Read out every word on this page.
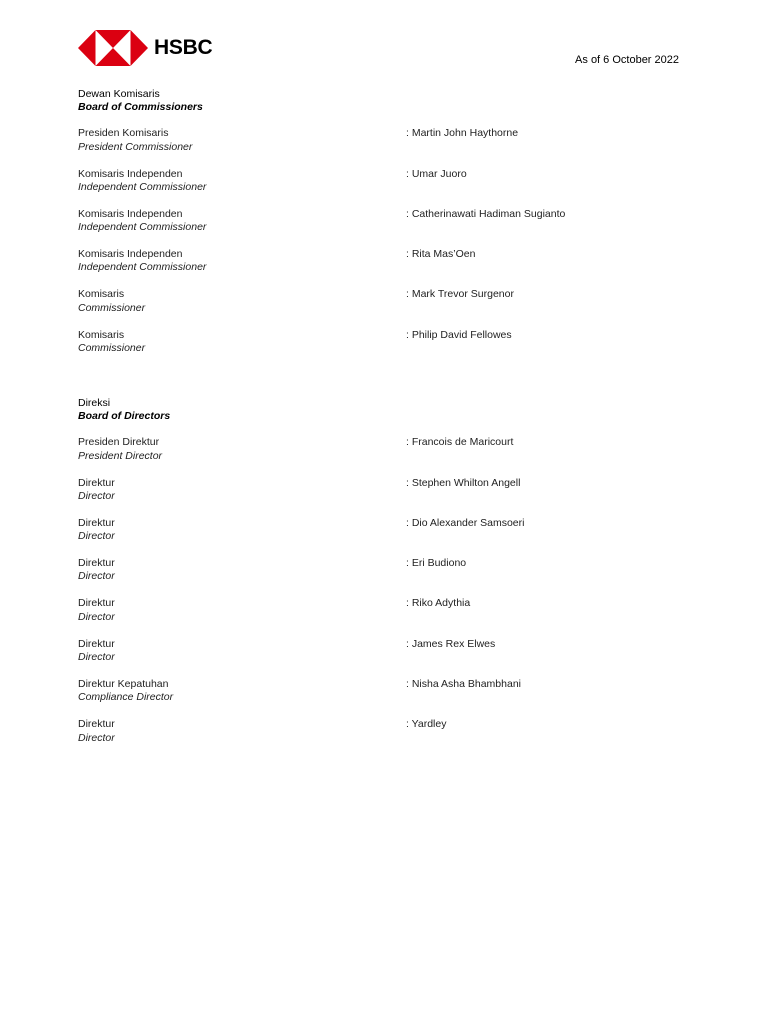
HSBC
As of 6 October 2022
Dewan Komisaris
Board of Commissioners
Presiden Komisaris
President Commissioner
: Martin John Haythorne
Komisaris Independen
Independent Commissioner
: Umar Juoro
Komisaris Independen
Independent Commissioner
: Catherinawati Hadiman Sugianto
Komisaris Independen
Independent Commissioner
: Rita Mas’Oen
Komisaris
Commissioner
: Mark Trevor Surgenor
Komisaris
Commissioner
: Philip David Fellowes
Direksi
Board of Directors
Presiden Direktur
President Director
: Francois de Maricourt
Direktur
Director
: Stephen Whilton Angell
Direktur
Director
: Dio Alexander Samsoeri
Direktur
Director
: Eri Budiono
Direktur
Director
: Riko Adythia
Direktur
Director
: James Rex Elwes
Direktur Kepatuhan
Compliance Director
: Nisha Asha Bhambhani
Direktur
Director
: Yardley
